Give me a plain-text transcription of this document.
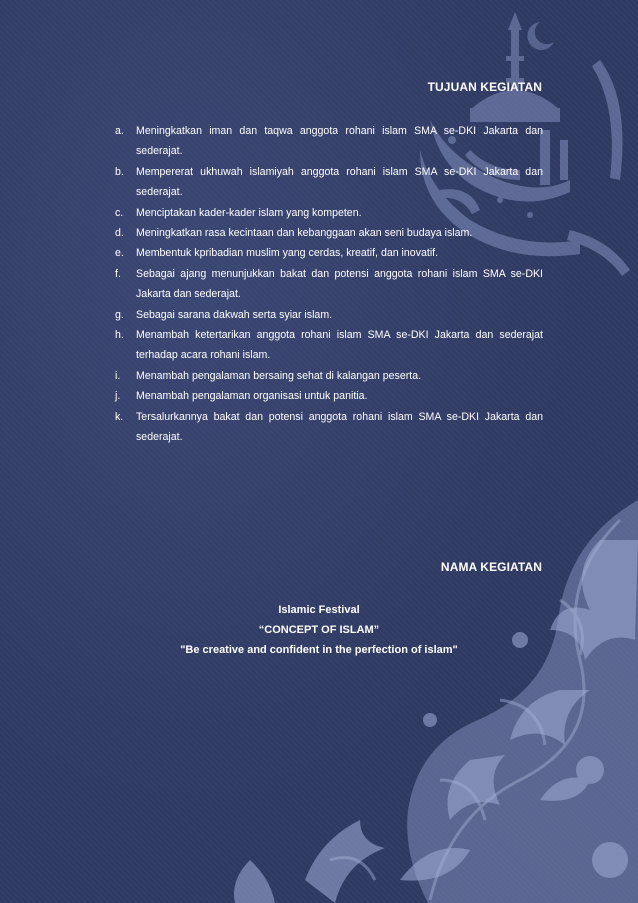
TUJUAN KEGIATAN
a.	Meningkatkan iman dan taqwa anggota rohani islam SMA se-DKI Jakarta dan sederajat.
b.	Mempererat ukhuwah islamiyah anggota rohani islam SMA se-DKI Jakarta dan sederajat.
c.	Menciptakan kader-kader islam yang kompeten.
d.	Meningkatkan rasa kecintaan dan kebanggaan akan seni budaya islam.
e.	Membentuk kpribadian muslim yang cerdas, kreatif, dan inovatif.
f.	Sebagai ajang menunjukkan bakat dan potensi anggota rohani islam SMA se-DKI Jakarta dan sederajat.
g.	Sebagai sarana dakwah serta syiar islam.
h.	Menambah ketertarikan anggota rohani islam SMA se-DKI Jakarta dan sederajat terhadap acara rohani islam.
i.	Menambah pengalaman bersaing sehat di kalangan peserta.
j.	Menambah pengalaman organisasi untuk panitia.
k.	Tersalurkannya bakat dan potensi anggota rohani islam SMA se-DKI Jakarta dan sederajat.
NAMA KEGIATAN
Islamic Festival
“CONCEPT OF ISLAM”
"Be creative and confident in the perfection of islam"
